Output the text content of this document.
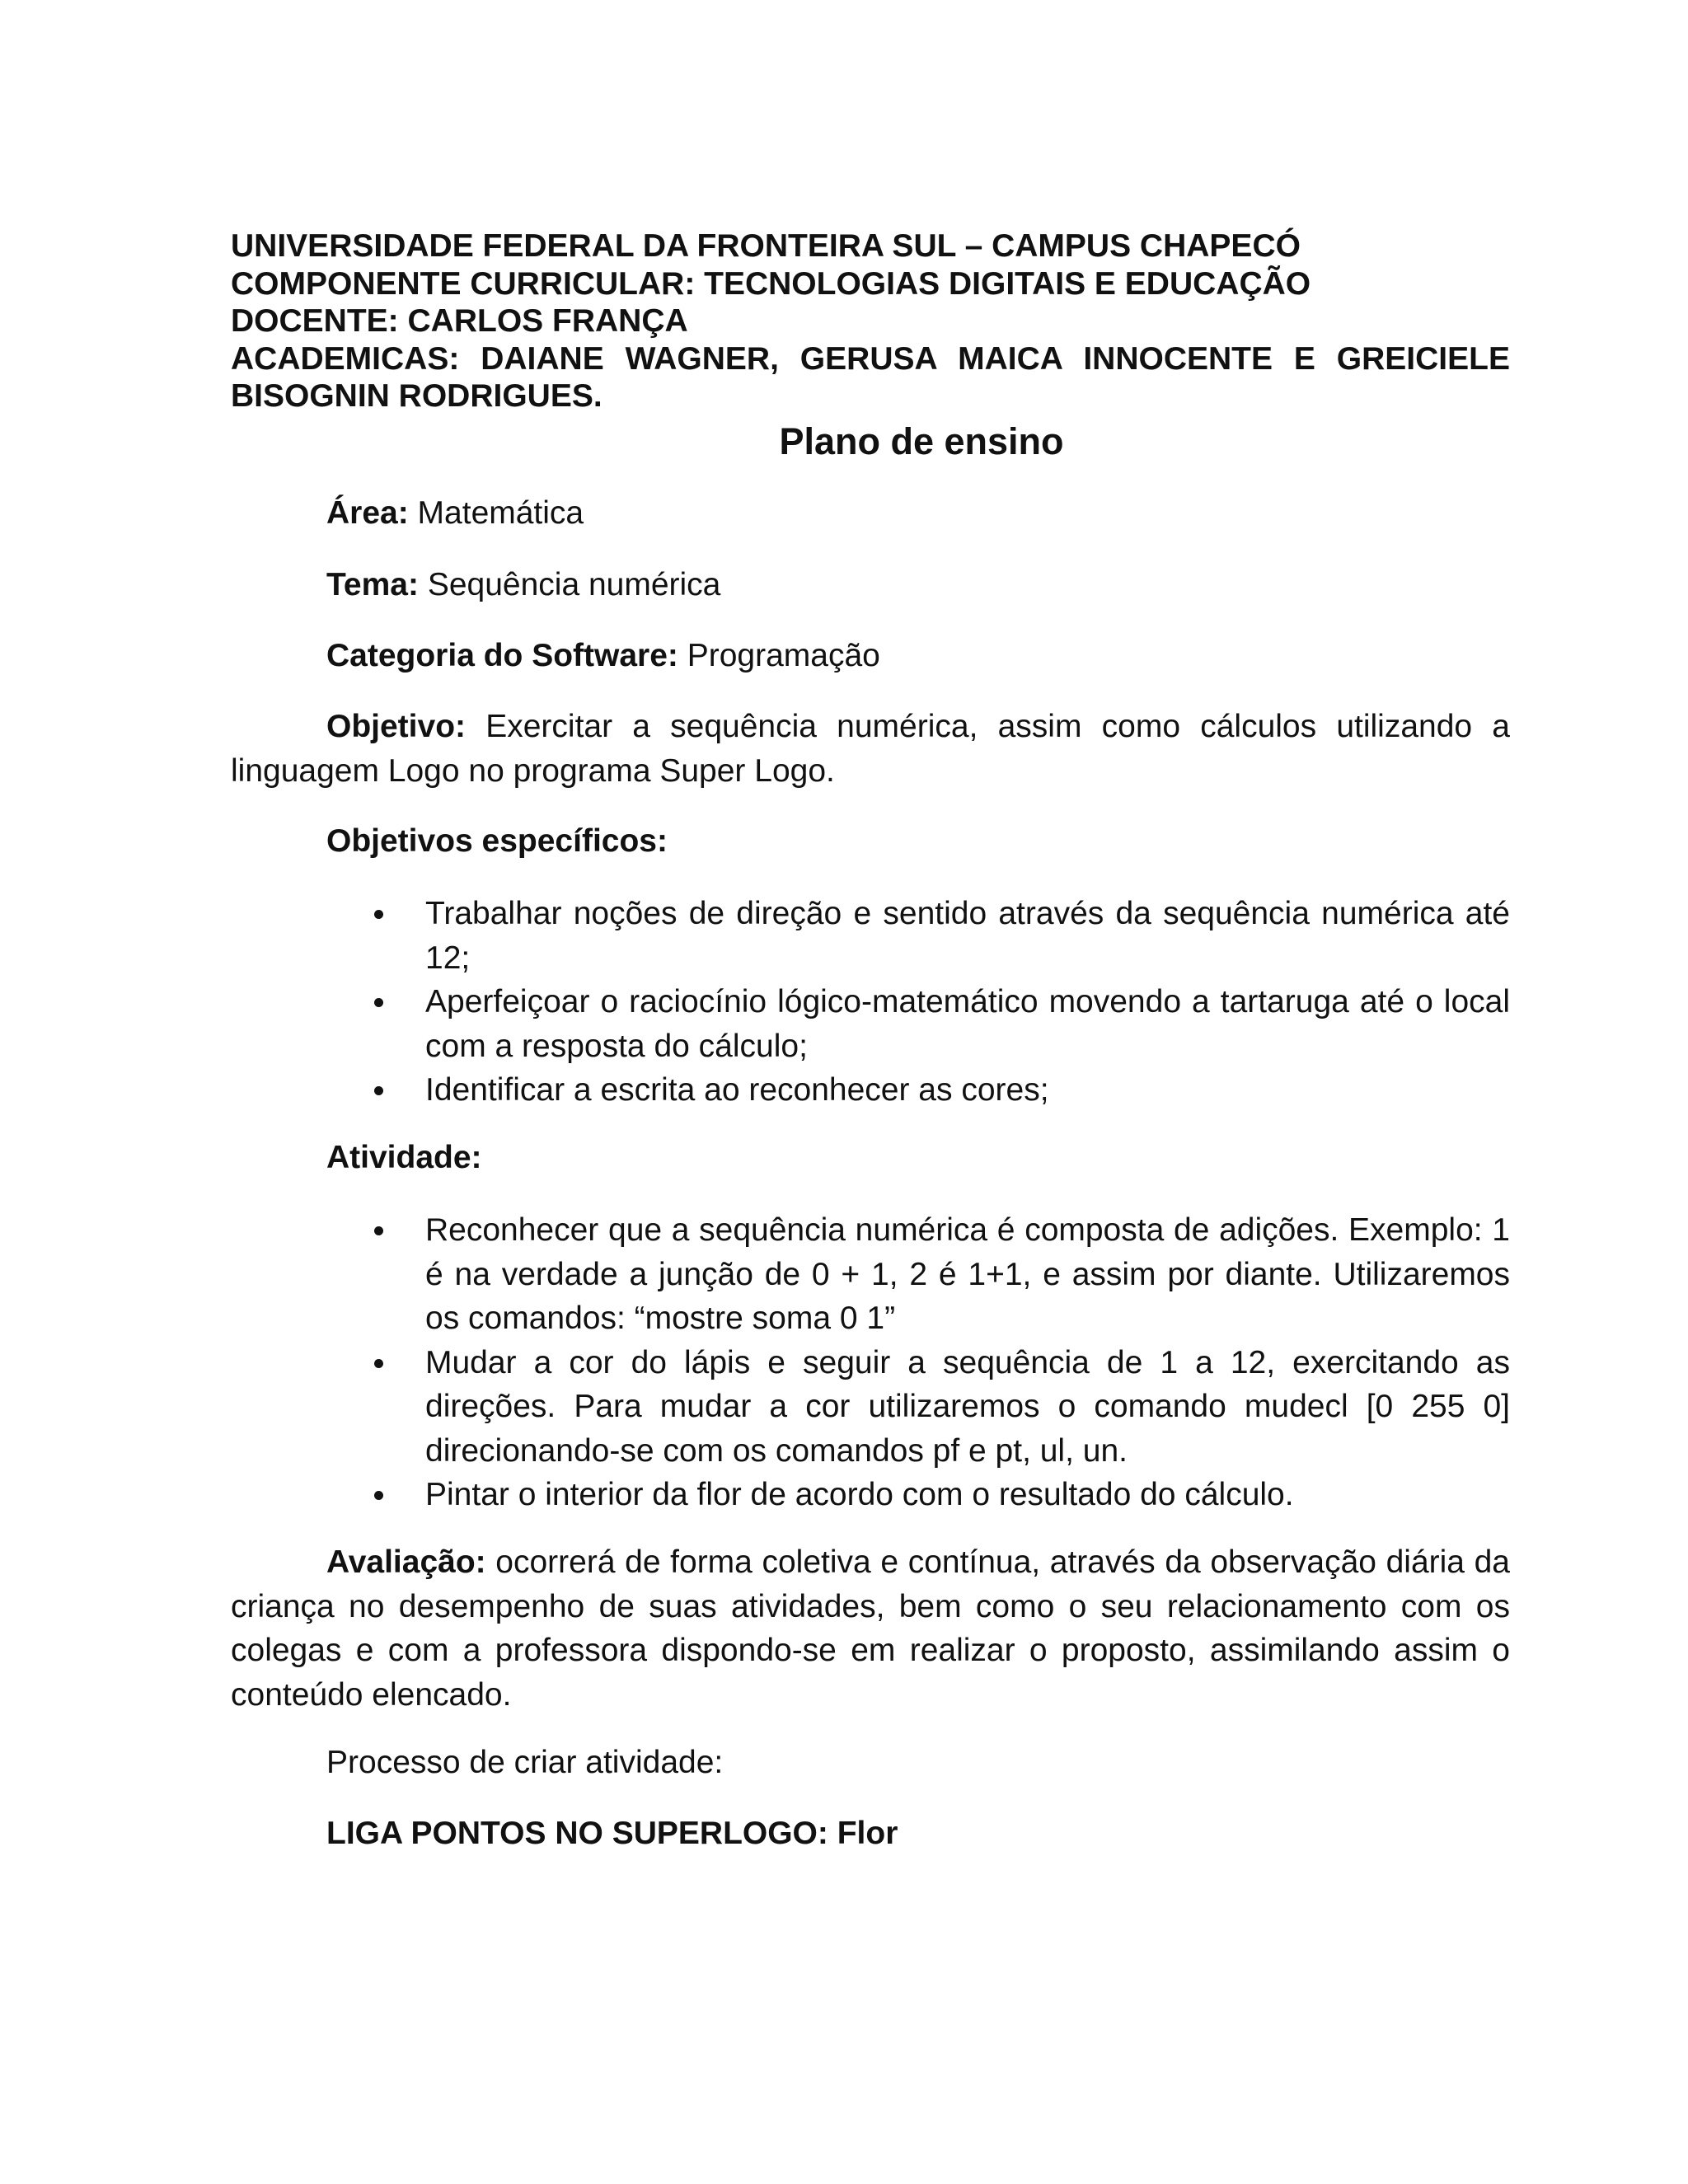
UNIVERSIDADE FEDERAL DA FRONTEIRA SUL – CAMPUS CHAPECÓ

COMPONENTE CURRICULAR: TECNOLOGIAS DIGITAIS E EDUCAÇÃO

DOCENTE: CARLOS FRANÇA

ACADEMICAS: DAIANE WAGNER, GERUSA MAICA INNOCENTE E GREICIELE

BISOGNIN RODRIGUES.

Plano de ensino

Área: Matemática

Tema: Sequência numérica

Categoria do Software: Programação

Objetivo: Exercitar a sequência numérica, assim como cálculos utilizando a linguagem Logo no programa Super Logo.

Objetivos específicos:

Trabalhar noções de direção e sentido através da sequência numérica até 12;
Aperfeiçoar o raciocínio lógico-matemático movendo a tartaruga até o local com a resposta do cálculo;
Identificar a escrita ao reconhecer as cores;

Atividade:

Reconhecer que a sequência numérica é composta de adições. Exemplo: 1 é na verdade a junção de 0 + 1, 2 é 1+1, e assim por diante. Utilizaremos os comandos: “mostre soma 0 1”
Mudar a cor do lápis e seguir a sequência de 1 a 12, exercitando as direções. Para mudar a cor utilizaremos o comando mudecl [0 255 0] direcionando-se com os comandos pf e pt, ul, un.
Pintar o interior da flor de acordo com o resultado do cálculo.

Avaliação: ocorrerá de forma coletiva e contínua, através da observação diária da criança no desempenho de suas atividades, bem como o seu relacionamento com os colegas e com a professora dispondo-se em realizar o proposto, assimilando assim o conteúdo elencado.

Processo de criar atividade:

LIGA PONTOS NO SUPERLOGO: Flor
